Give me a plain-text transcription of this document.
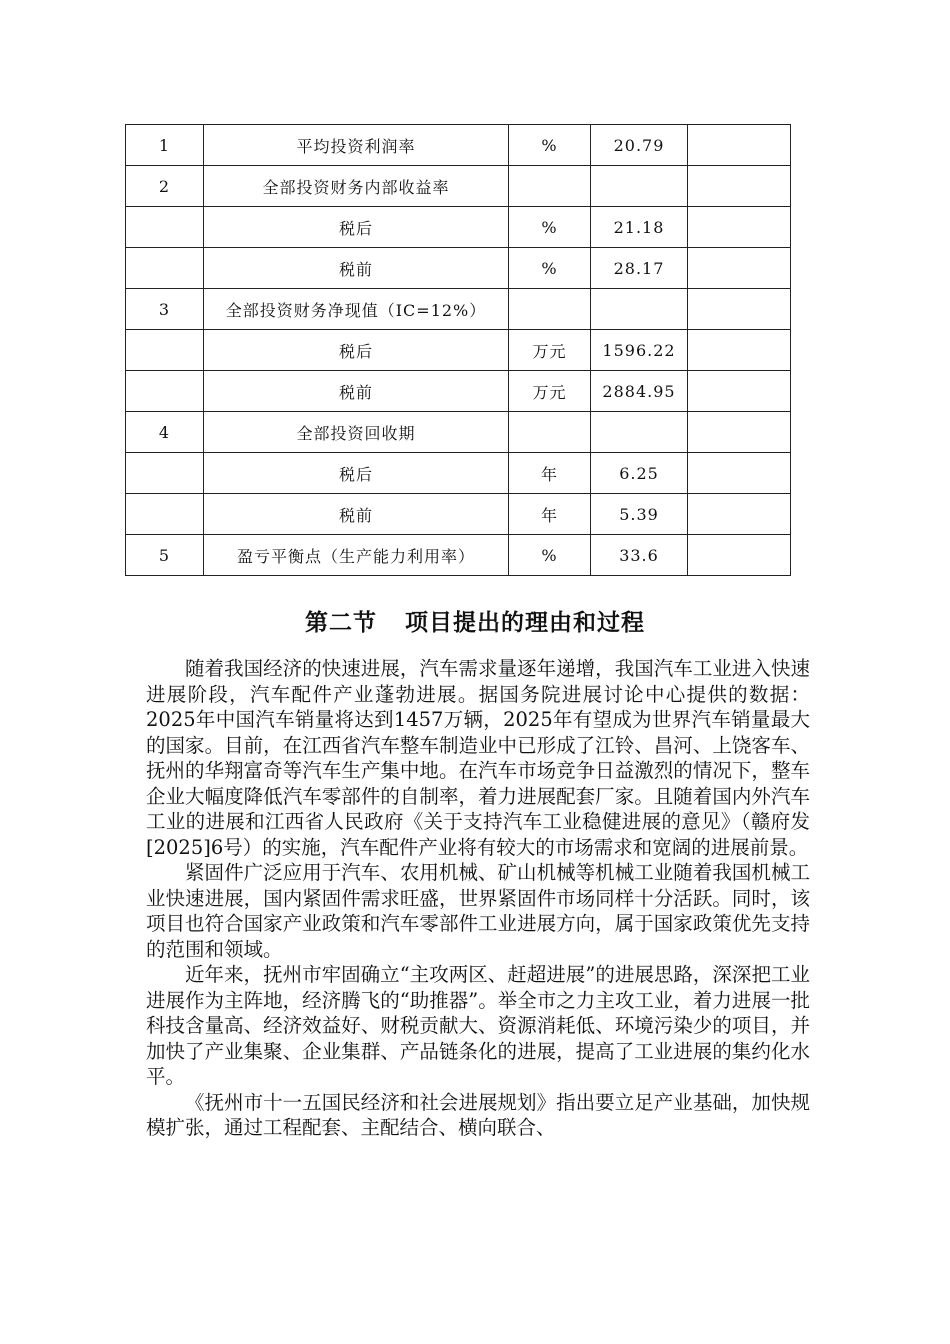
1	平均投资利润率	%	20.79	
2	全部投资财务内部收益率			
	税后	%	21.18	
	税前	%	28.17	
3	全部投资财务净现值（IC=12%）			
	税后	万元	1596.22	
	税前	万元	2884.95	
4	全部投资回收期			
	税后	年	6.25	
	税前	年	5.39	
5	盈亏平衡点（生产能力利用率）	%	33.6	
第二节 项目提出的理由和过程

随着我国经济的快速进展，汽车需求量逐年递增，我国汽车工业进入快速进展阶段，汽车配件产业蓬勃进展。据国务院进展讨论中心提供的数据：2025年中国汽车销量将达到1457万辆，2025年有望成为世界汽车销量最大的国家。目前，在江西省汽车整车制造业中已形成了江铃、昌河、上饶客车、抚州的华翔富奇等汽车生产集中地。在汽车市场竞争日益激烈的情况下，整车企业大幅度降低汽车零部件的自制率，着力进展配套厂家。且随着国内外汽车工业的进展和江西省人民政府《关于支持汽车工业稳健进展的意见》（赣府发[2025]6号）的实施，汽车配件产业将有较大的市场需求和宽阔的进展前景。

紧固件广泛应用于汽车、农用机械、矿山机械等机械工业随着我国机械工业快速进展，国内紧固件需求旺盛，世界紧固件市场同样十分活跃。同时，该项目也符合国家产业政策和汽车零部件工业进展方向，属于国家政策优先支持的范围和领域。

近年来，抚州市牢固确立“主攻两区、赶超进展”的进展思路，深深把工业进展作为主阵地，经济腾飞的“助推器”。举全市之力主攻工业，着力进展一批科技含量高、经济效益好、财税贡献大、资源消耗低、环境污染少的项目，并加快了产业集聚、企业集群、产品链条化的进展，提高了工业进展的集约化水平。

《抚州市十一五国民经济和社会进展规划》指出要立足产业基础，加快规模扩张，通过工程配套、主配结合、横向联合、
